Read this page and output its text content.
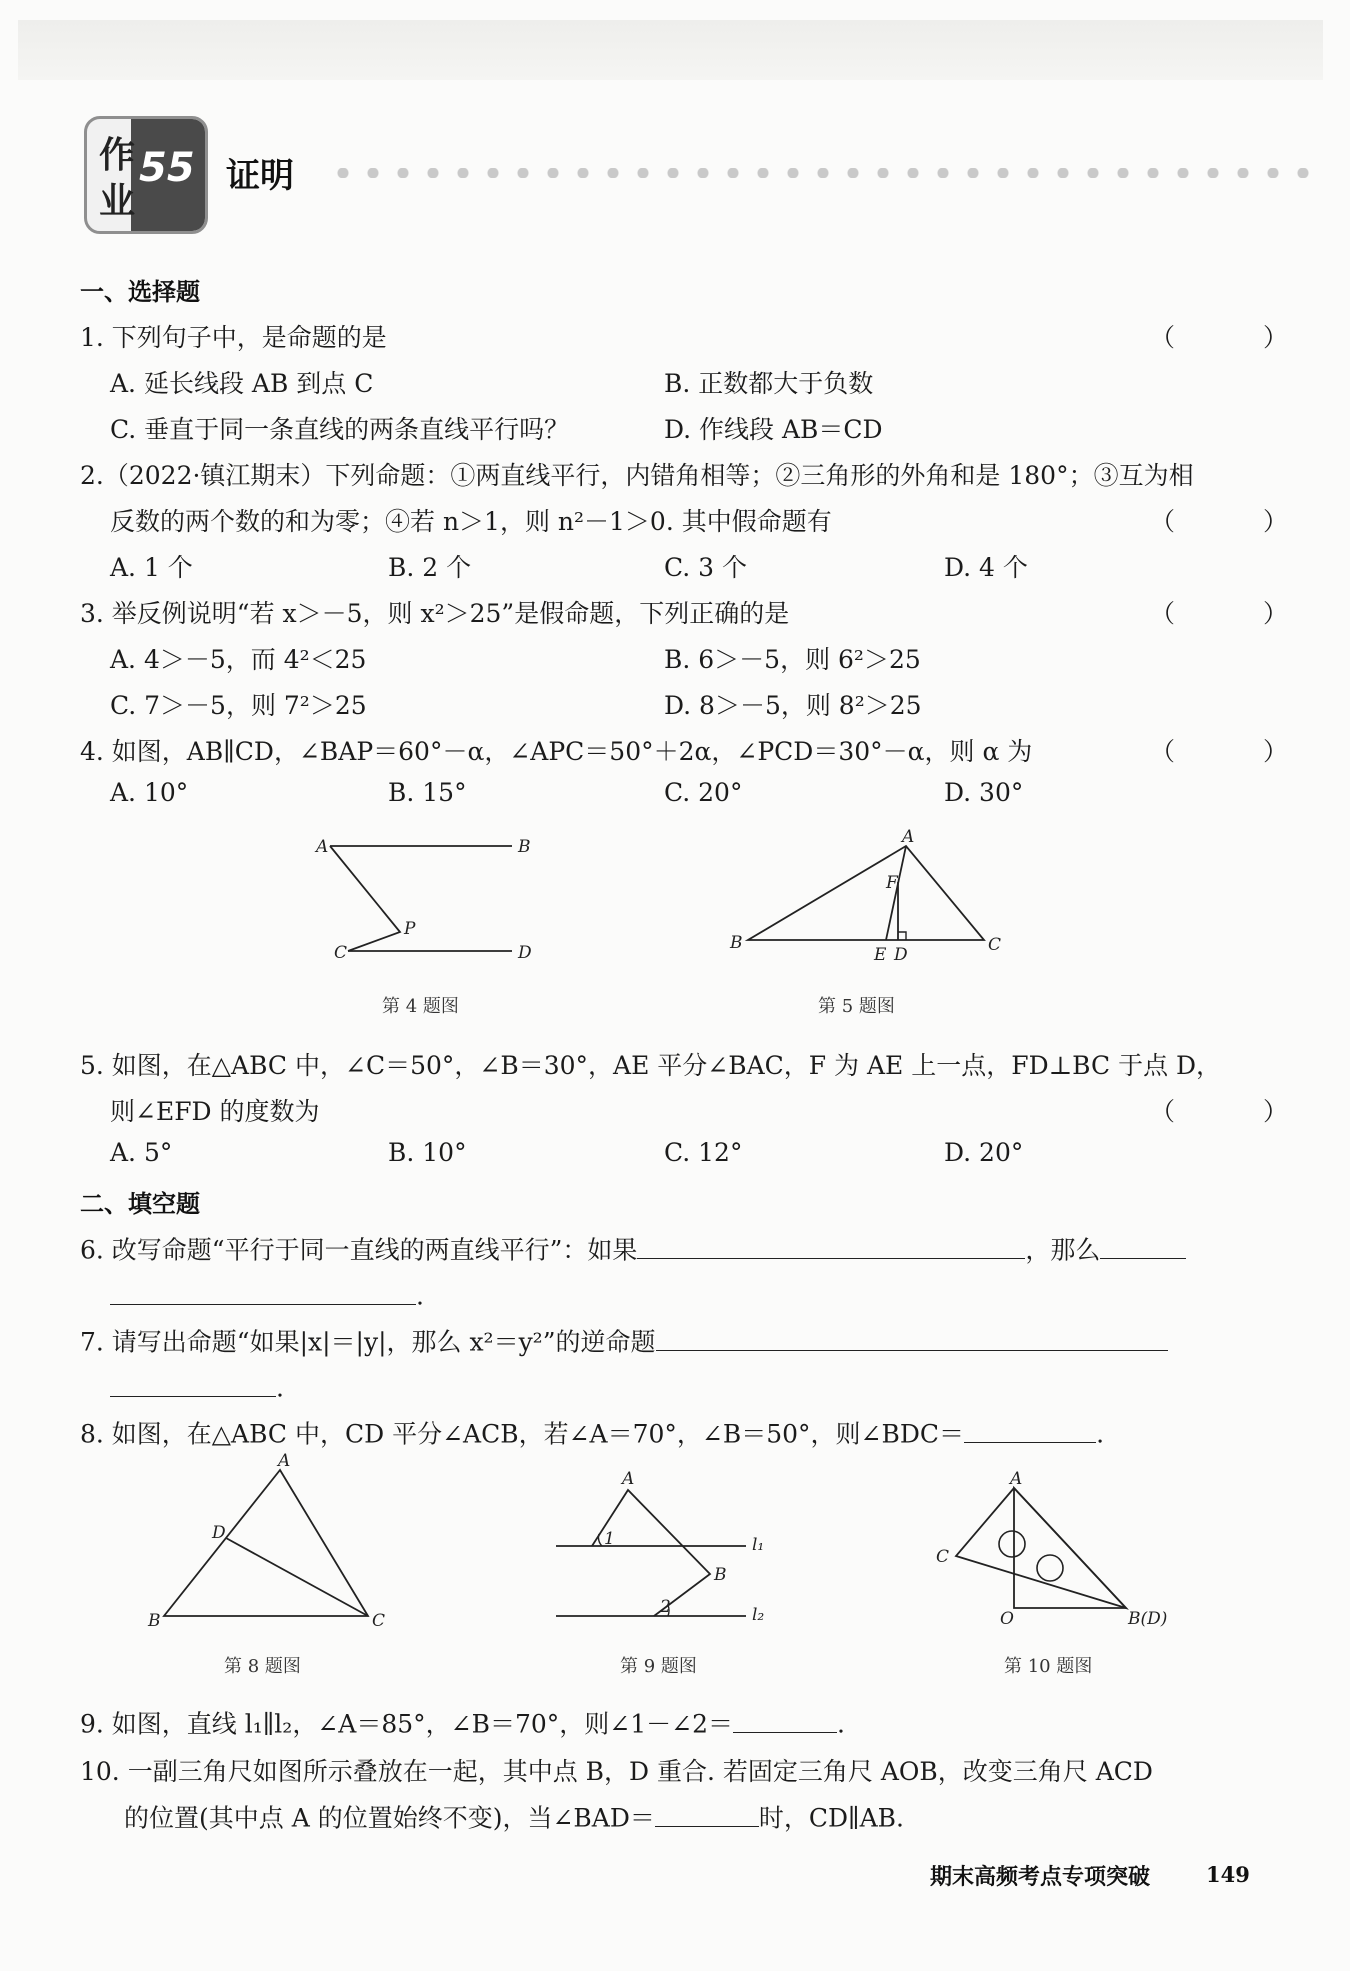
作
业
55 证明
一、选择题
1. 下列句子中，是命题的是	（ ）
A. 延长线段 AB 到点 C	B. 正数都大于负数
C. 垂直于同一条直线的两条直线平行吗？	D. 作线段 AB＝CD
2.（2022·镇江期末）下列命题：①两直线平行，内错角相等；②三角形的外角和是 180°；③互为相
反数的两个数的和为零；④若 n＞1，则 n²－1＞0. 其中假命题有	（ ）
A. 1 个	B. 2 个	C. 3 个	D. 4 个
3. 举反例说明“若 x＞－5，则 x²＞25”是假命题，下列正确的是	（ ）
A. 4＞－5，而 4²＜25	B. 6＞－5，则 6²＞25
C. 7＞－5，则 7²＞25	D. 8＞－5，则 8²＞25
4. 如图，AB∥CD，∠BAP＝60°－α，∠APC＝50°＋2α，∠PCD＝30°－α，则 α 为	（ ）
A. 10°	B. 15°	C. 20°	D. 30°
A	B
P
C	D
第 4 题图
A
B	C
F
E D
第 5 题图
5. 如图，在△ABC 中，∠C＝50°，∠B＝30°，AE 平分∠BAC，F 为 AE 上一点，FD⊥BC 于点 D，
则∠EFD 的度数为	（ ）
A. 5°	B. 10°	C. 12°	D. 20°
二、填空题
6. 改写命题“平行于同一直线的两直线平行”：如果	，那么
.
7. 请写出命题“如果|x|＝|y|，那么 x²＝y²”的逆命题
.
8. 如图，在△ABC 中，CD 平分∠ACB，若∠A＝70°，∠B＝50°，则∠BDC＝	.
A
D
B	C
第 8 题图
A
B
1
2
l₁
l₂
第 9 题图
A
C
O	B(D)
第 10 题图
9. 如图，直线 l₁∥l₂，∠A＝85°，∠B＝70°，则∠1－∠2＝	.
10. 一副三角尺如图所示叠放在一起，其中点 B，D 重合. 若固定三角尺 AOB，改变三角尺 ACD
的位置(其中点 A 的位置始终不变)，当∠BAD＝	时，CD∥AB.
期末高频考点专项突破	149
